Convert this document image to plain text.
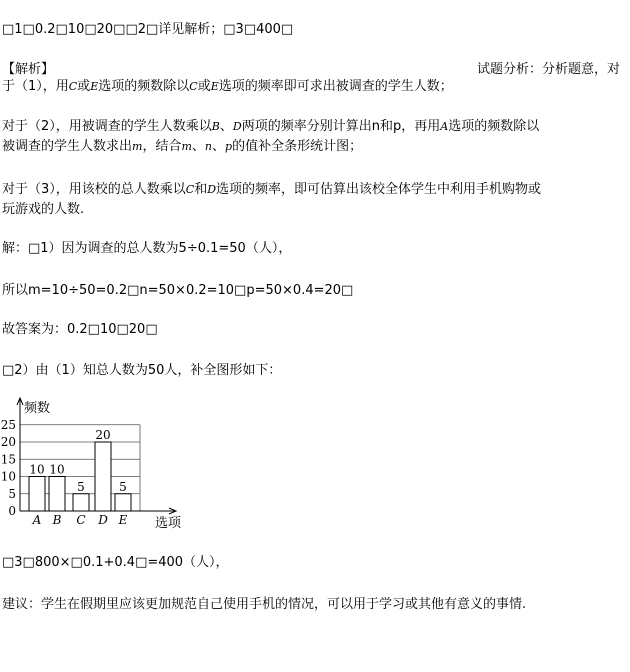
□1□0.2□10□20□□2□详见解析；□3□400□
【解析】	试题分析：分析题意，对
于（1），用C或E选项的频数除以C或E选项的频率即可求出被调查的学生人数；
对于（2），用被调查的学生人数乘以B、D两项的频率分别计算出n和p，再用A选项的频数除以
被调查的学生人数求出m，结合m、n、p的值补全条形统计图；
对于（3），用该校的总人数乘以C和D选项的频率，即可估算出该校全体学生中利用手机购物或
玩游戏的人数.
解：□1）因为调查的总人数为5÷0.1=50（人），
所以m=10÷50=0.2□n=50×0.2=10□p=50×0.4=20□
故答案为：0.2□10□20□
□2）由（1）知总人数为50人，补全图形如下：
0
5
10
15
20
25
频数
选项
10
A
10
B
5
C
20
D
5
E
□3□800×□0.1+0.4□=400（人），
建议：学生在假期里应该更加规范自己使用手机的情况，可以用于学习或其他有意义的事情.
